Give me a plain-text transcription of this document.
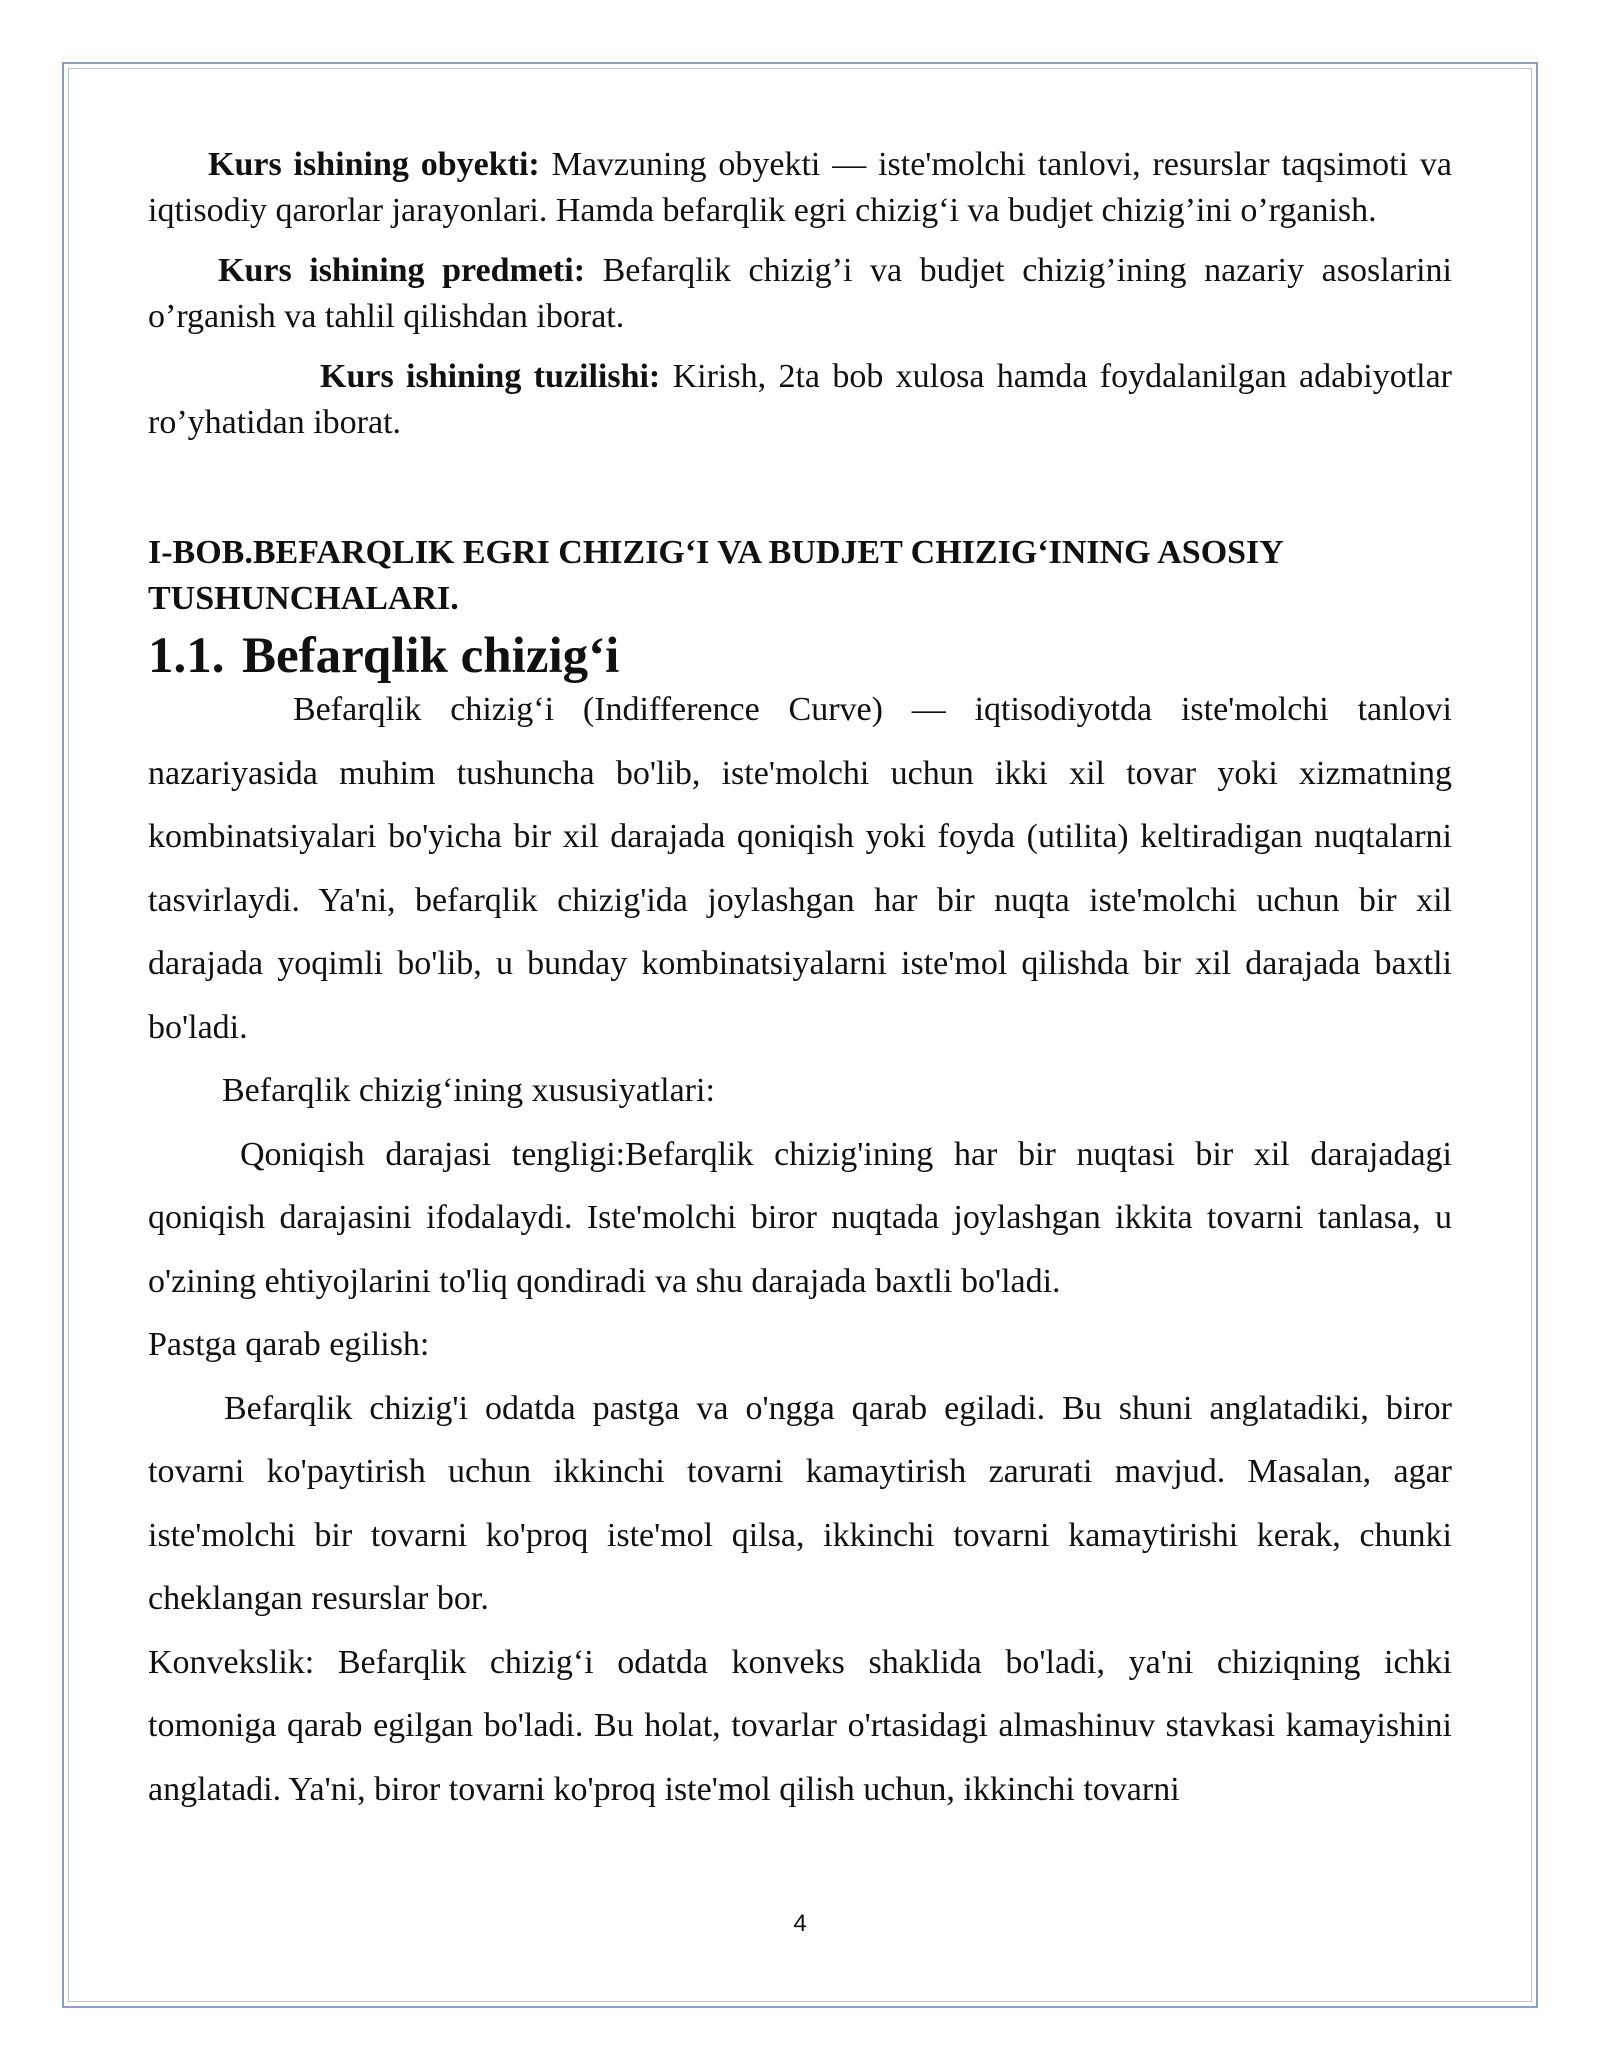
Kurs ishining obyekti: Mavzuning obyekti — iste'molchi tanlovi, resurslar taqsimoti va iqtisodiy qarorlar jarayonlari. Hamda befarqlik egri chizig‘i va budjet chizig’ini o’rganish.

Kurs ishining predmeti: Befarqlik chizig’i va budjet chizig’ining nazariy asoslarini o’rganish va tahlil qilishdan iborat.

Kurs ishining tuzilishi: Kirish, 2ta bob xulosa hamda foydalanilgan adabiyotlar ro’yhatidan iborat.

I-BOB.BEFARQLIK EGRI CHIZIG‘I VA BUDJET CHIZIG‘INING ASOSIY TUSHUNCHALARI.
1.1. Befarqlik chizig‘i

Befarqlik chizig‘i (Indifference Curve) — iqtisodiyotda iste'molchi tanlovi nazariyasida muhim tushuncha bo'lib, iste'molchi uchun ikki xil tovar yoki xizmatning kombinatsiyalari bo'yicha bir xil darajada qoniqish yoki foyda (utilita) keltiradigan nuqtalarni tasvirlaydi. Ya'ni, befarqlik chizig'ida joylashgan har bir nuqta iste'molchi uchun bir xil darajada yoqimli bo'lib, u bunday kombinatsiyalarni iste'mol qilishda bir xil darajada baxtli bo'ladi.

Befarqlik chizig‘ining xususiyatlari:

Qoniqish darajasi tengligi:Befarqlik chizig'ining har bir nuqtasi bir xil darajadagi qoniqish darajasini ifodalaydi. Iste'molchi biror nuqtada joylashgan ikkita tovarni tanlasa, u o'zining ehtiyojlarini to'liq qondiradi va shu darajada baxtli bo'ladi.

Pastga qarab egilish:

Befarqlik chizig'i odatda pastga va o'ngga qarab egiladi. Bu shuni anglatadiki, biror tovarni ko'paytirish uchun ikkinchi tovarni kamaytirish zarurati mavjud. Masalan, agar iste'molchi bir tovarni ko'proq iste'mol qilsa, ikkinchi tovarni kamaytirishi kerak, chunki cheklangan resurslar bor.

Konvekslik: Befarqlik chizig‘i odatda konveks shaklida bo'ladi, ya'ni chiziqning ichki tomoniga qarab egilgan bo'ladi. Bu holat, tovarlar o'rtasidagi almashinuv stavkasi kamayishini anglatadi. Ya'ni, biror tovarni ko'proq iste'mol qilish uchun, ikkinchi tovarni

4
